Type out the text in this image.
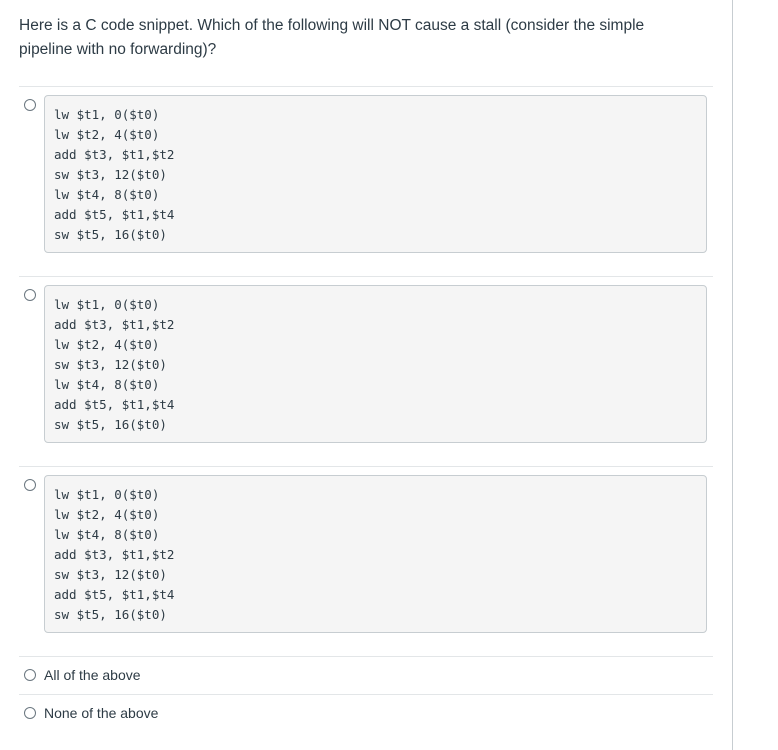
Here is a C code snippet. Which of the following will NOT cause a stall (consider the simple
pipeline with no forwarding)?
lw $t1, 0($t0)
lw $t2, 4($t0)
add $t3, $t1,$t2
sw $t3, 12($t0)
lw $t4, 8($t0)
add $t5, $t1,$t4
sw $t5, 16($t0)
lw $t1, 0($t0)
add $t3, $t1,$t2
lw $t2, 4($t0)
sw $t3, 12($t0)
lw $t4, 8($t0)
add $t5, $t1,$t4
sw $t5, 16($t0)
lw $t1, 0($t0)
lw $t2, 4($t0)
lw $t4, 8($t0)
add $t3, $t1,$t2
sw $t3, 12($t0)
add $t5, $t1,$t4
sw $t5, 16($t0)
All of the above
None of the above
